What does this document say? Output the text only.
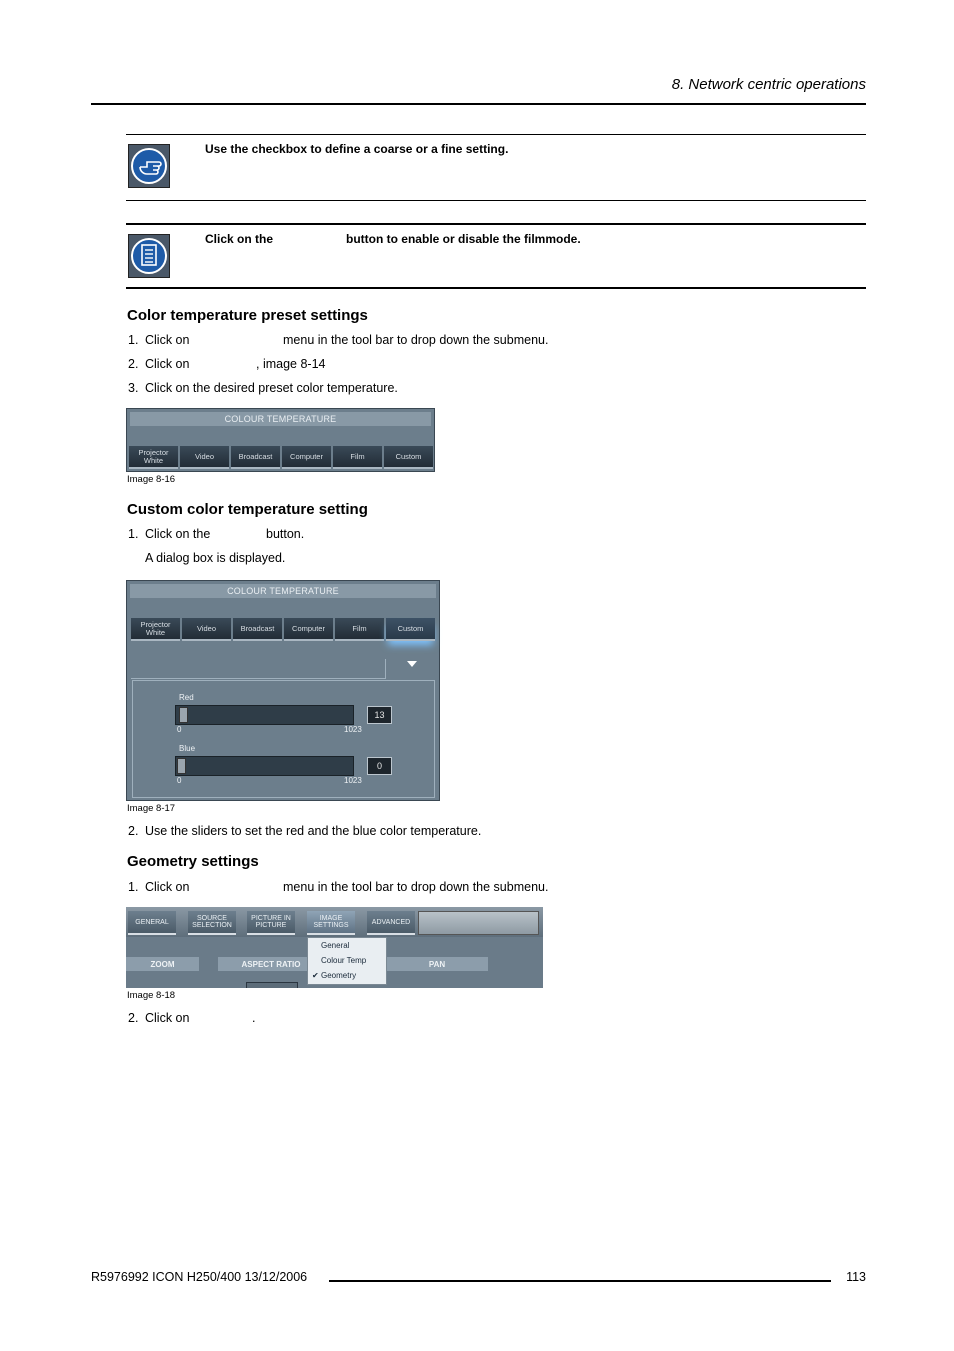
8. Network centric operations
Use the checkbox to define a coarse or a fine setting.
Click on the	button to enable or disable the filmmode.
Color temperature preset settings
1. Click on	menu in the tool bar to drop down the submenu.
2. Click on	, image 8-14
3. Click on the desired preset color temperature.
COLOUR TEMPERATURE
Projector White	Video	Broadcast	Computer	Film	Custom
Image 8-16
Custom color temperature setting
1. Click on the	button.
A dialog box is displayed.
COLOUR TEMPERATURE
Projector White	Video	Broadcast	Computer	Film	Custom
Red
0	1023
13
Blue
0	1023
0
Image 8-17
2. Use the sliders to set the red and the blue color temperature.
Geometry settings
1. Click on	menu in the tool bar to drop down the submenu.
GENERAL	SOURCE SELECTION
PICTURE IN PICTURE
IMAGE SETTINGS	ADVANCED
ZOOM	ASPECT RATIO	PAN
General
Colour Temp
✔ Geometry
Image 8-18
2. Click on	.
R5976992 ICON H250/400 13/12/2006	113
